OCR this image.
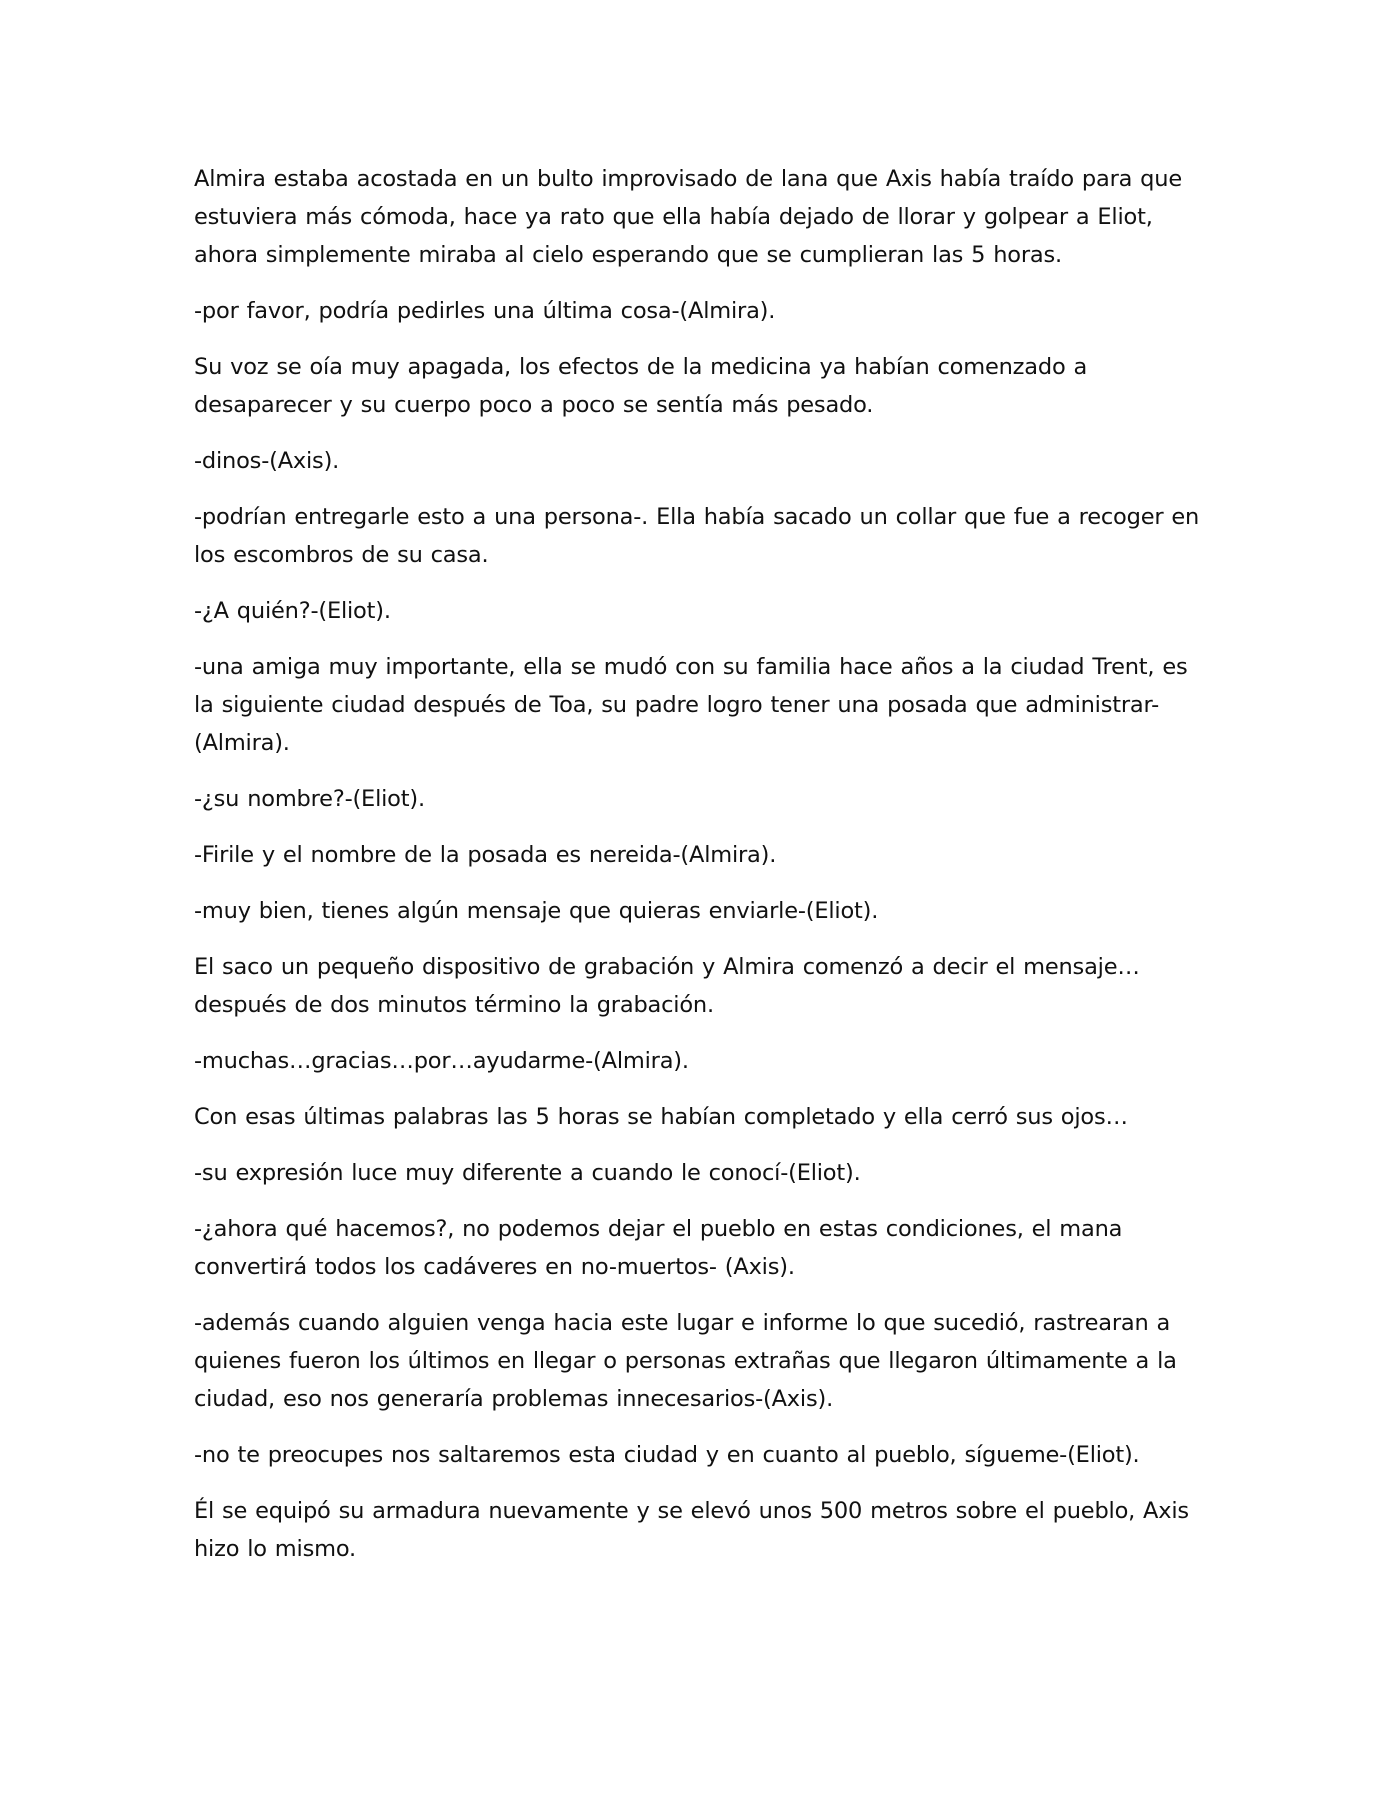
Almira estaba acostada en un bulto improvisado de lana que Axis había traído para que estuviera más cómoda, hace ya rato que ella había dejado de llorar y golpear a Eliot, ahora simplemente miraba al cielo esperando que se cumplieran las 5 horas.

-por favor, podría pedirles una última cosa-(Almira).

Su voz se oía muy apagada, los efectos de la medicina ya habían comenzado a desaparecer y su cuerpo poco a poco se sentía más pesado.

-dinos-(Axis).

-podrían entregarle esto a una persona-. Ella había sacado un collar que fue a recoger en los escombros de su casa.

-¿A quién?-(Eliot).

-una amiga muy importante, ella se mudó con su familia hace años a la ciudad Trent, es la siguiente ciudad después de Toa, su padre logro tener una posada que administrar-(Almira).

-¿su nombre?-(Eliot).

-Firile y el nombre de la posada es nereida-(Almira).

-muy bien, tienes algún mensaje que quieras enviarle-(Eliot).

El saco un pequeño dispositivo de grabación y Almira comenzó a decir el mensaje…después de dos minutos término la grabación.

-muchas…gracias…por…ayudarme-(Almira).

Con esas últimas palabras las 5 horas se habían completado y ella cerró sus ojos…

-su expresión luce muy diferente a cuando le conocí-(Eliot).

-¿ahora qué hacemos?, no podemos dejar el pueblo en estas condiciones, el mana convertirá todos los cadáveres en no-muertos- (Axis).

-además cuando alguien venga hacia este lugar e informe lo que sucedió, rastrearan a quienes fueron los últimos en llegar o personas extrañas que llegaron últimamente a la ciudad, eso nos generaría problemas innecesarios-(Axis).

-no te preocupes nos saltaremos esta ciudad y en cuanto al pueblo, sígueme-(Eliot).

Él se equipó su armadura nuevamente y se elevó unos 500 metros sobre el pueblo, Axis hizo lo mismo.
